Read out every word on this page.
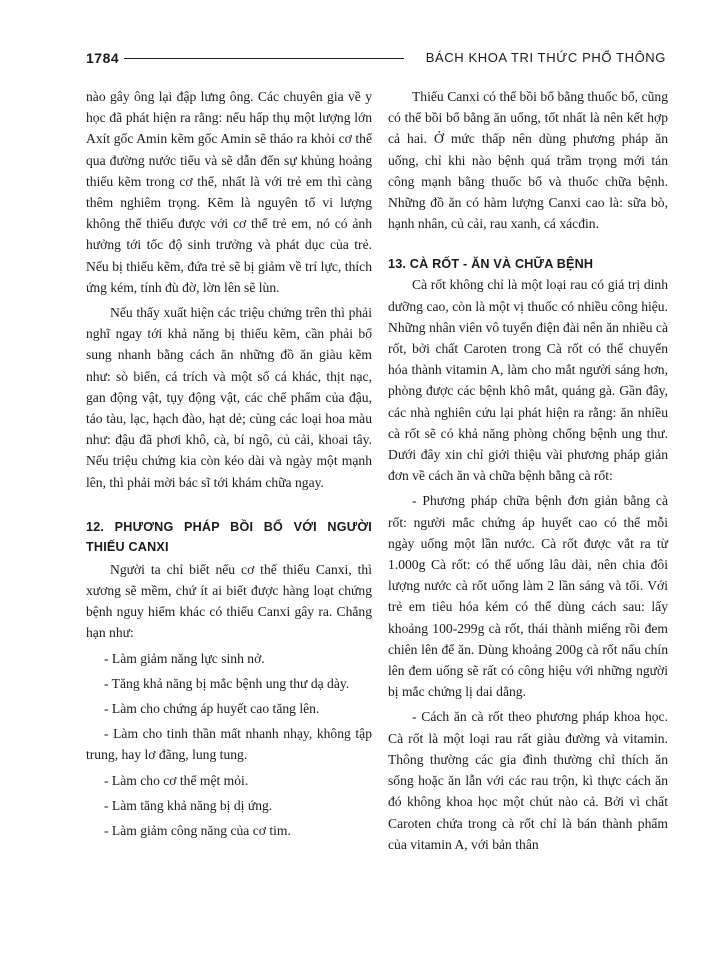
1784	BÁCH KHOA TRI THỨC PHỔ THÔNG

nào gây ông lại đập lưng ông. Các chuyên gia về y học đã phát hiện ra rằng: nếu hấp thụ một lượng lớn Axít gốc Amin kẽm gốc Amin sẽ tháo ra khỏi cơ thể qua đường nước tiểu và sẽ dẫn đến sự khủng hoảng thiếu kẽm trong cơ thể, nhất là với trẻ em thì càng thêm nghiêm trọng. Kẽm là nguyên tố vi lượng không thể thiếu được với cơ thể trẻ em, nó có ảnh hưởng tới tốc độ sinh trưởng và phát dục của trẻ. Nếu bị thiếu kẽm, đứa trẻ sẽ bị giảm về trí lực, thích ứng kém, tính đù đờ, lờn lên sẽ lùn.

Nếu thấy xuất hiện các triệu chứng trên thì phải nghĩ ngay tới khả năng bị thiếu kẽm, cần phải bổ sung nhanh bằng cách ăn những đồ ăn giàu kẽm như: sò biển, cá trích và một số cá khác, thịt nạc, gan động vật, tụy động vật, các chế phẩm của đậu, táo tàu, lạc, hạch đào, hạt dẻ; cùng các loại hoa màu như: đậu đã phơi khô, cà, bí ngô, củ cải, khoai tây. Nếu triệu chứng kia còn kéo dài và ngày một mạnh lên, thì phải mời bác sĩ tới khám chữa ngay.

12. PHƯƠNG PHÁP BỒI BỔ VỚI NGƯỜI THIẾU CANXI

Người ta chỉ biết nếu cơ thể thiếu Canxi, thì xương sẽ mềm, chứ ít ai biết được hàng loạt chứng bệnh nguy hiểm khác có thiếu Canxi gây ra. Chẳng hạn như:

- Làm giảm năng lực sinh nở.

- Tăng khả năng bị mắc bệnh ung thư dạ dày.

- Làm cho chứng áp huyết cao tăng lên.

- Làm cho tinh thần mất nhanh nhạy, không tập trung, hay lơ đãng, lung tung.

- Làm cho cơ thể mệt mỏi.

- Làm tăng khả năng bị dị ứng.

- Làm giảm công năng của cơ tim.

Thiếu Canxi có thể bồi bổ bằng thuốc bổ, cũng có thể bồi bổ bằng ăn uống, tốt nhất là nên kết hợp cả hai. Ở mức thấp nên dùng phương pháp ăn uống, chỉ khi nào bệnh quá trầm trọng mới tán công mạnh bằng thuốc bổ và thuốc chữa bệnh. Những đồ ăn có hàm lượng Canxi cao là: sữa bò, hạnh nhân, củ cải, rau xanh, cá xácđin.

13. CÀ RỐT - ĂN VÀ CHỮA BỆNH

Cà rốt không chỉ là một loại rau có giá trị dinh dưỡng cao, còn là một vị thuốc có nhiều công hiệu. Những nhân viên vô tuyến điện đài nên ăn nhiều cà rốt, bởi chất Caroten trong Cà rốt có thể chuyển hóa thành vitamin A, làm cho mắt người sáng hơn, phòng được các bệnh khô mắt, quáng gà. Gần đây, các nhà nghiên cứu lại phát hiện ra rằng: ăn nhiều cà rốt sẽ có khả năng phòng chống bệnh ung thư. Dưới đây xin chỉ giới thiệu vài phương pháp giản đơn về cách ăn và chữa bệnh bằng cà rốt:

- Phương pháp chữa bệnh đơn giản bằng cà rốt: người mắc chứng áp huyết cao có thể mỗi ngày uống một lần nước. Cà rốt được vắt ra từ 1.000g Cà rốt: có thể uống lâu dài, nên chia đôi lượng nước cà rốt uống làm 2 lần sáng và tối. Với trẻ em tiêu hóa kém có thể dùng cách sau: lấy khoảng 100-299g cà rốt, thái thành miếng rồi đem chiên lên để ăn. Dùng khoảng 200g cà rốt nấu chín lên đem uống sẽ rất có công hiệu với những người bị mắc chứng lị dai dẳng.

- Cách ăn cà rốt theo phương pháp khoa học. Cà rốt là một loại rau rất giàu đường và vitamin. Thông thường các gia đình thường chỉ thích ăn sống hoặc ăn lẫn với các rau trộn, kì thực cách ăn đó không khoa học một chút nào cả. Bởi vì chất Caroten chứa trong cà rốt chỉ là bán thành phẩm của vitamin A, với bản thân
